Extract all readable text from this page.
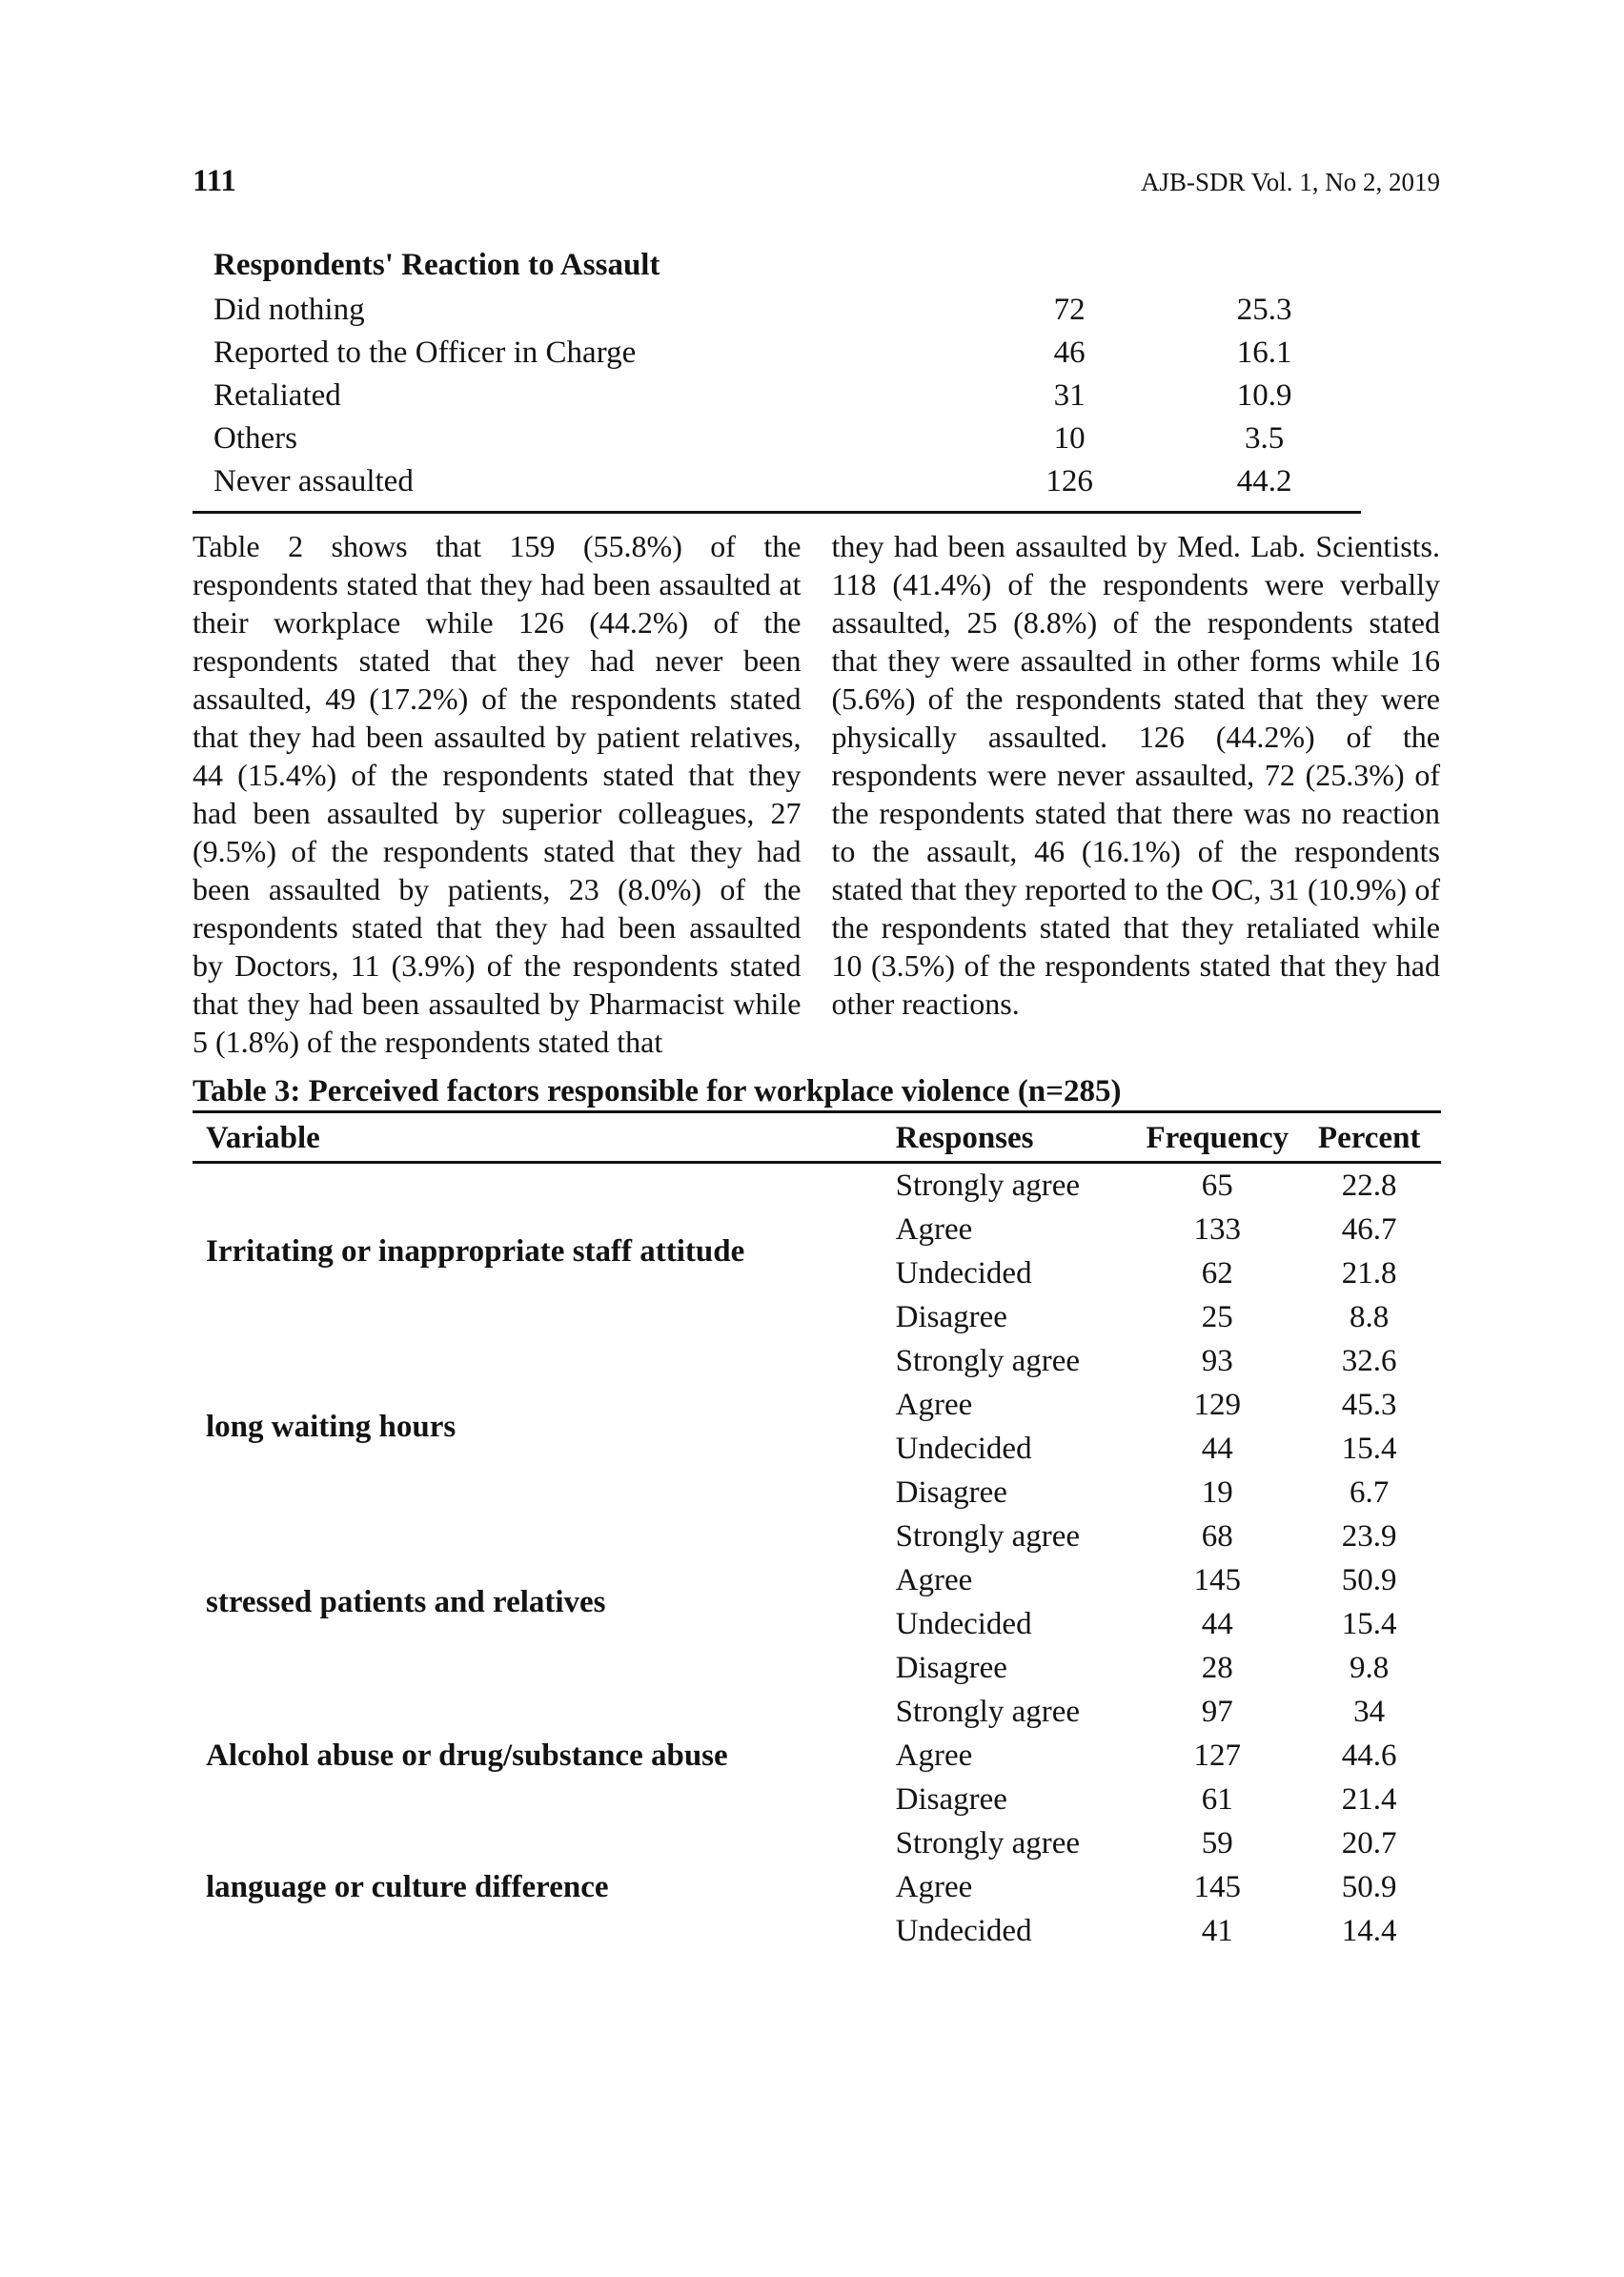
111	AJB-SDR Vol. 1, No 2, 2019
Respondents' Reaction to Assault		
Did nothing	72	25.3
Reported to the Officer in Charge	46	16.1
Retaliated	31	10.9
Others	10	3.5
Never assaulted	126	44.2
Table 2 shows that 159 (55.8%) of the respondents stated that they had been assaulted at their workplace while 126 (44.2%) of the respondents stated that they had never been assaulted, 49 (17.2%) of the respondents stated that they had been assaulted by patient relatives, 44 (15.4%) of the respondents stated that they had been assaulted by superior colleagues, 27 (9.5%) of the respondents stated that they had been assaulted by patients, 23 (8.0%) of the respondents stated that they had been assaulted by Doctors, 11 (3.9%) of the respondents stated that they had been assaulted by Pharmacist while 5 (1.8%) of the respondents stated that
they had been assaulted by Med. Lab. Scientists. 118 (41.4%) of the respondents were verbally assaulted, 25 (8.8%) of the respondents stated that they were assaulted in other forms while 16 (5.6%) of the respondents stated that they were physically assaulted. 126 (44.2%) of the respondents were never assaulted, 72 (25.3%) of the respondents stated that there was no reaction to the assault, 46 (16.1%) of the respondents stated that they reported to the OC, 31 (10.9%) of the respondents stated that they retaliated while 10 (3.5%) of the respondents stated that they had other reactions.
Table 3: Perceived factors responsible for workplace violence (n=285)
Variable	Responses	Frequency	Percent
Irritating or inappropriate staff attitude	Strongly agree	65	22.8
	Agree	133	46.7
	Undecided	62	21.8
	Disagree	25	8.8
long waiting hours	Strongly agree	93	32.6
	Agree	129	45.3
	Undecided	44	15.4
	Disagree	19	6.7
stressed patients and relatives	Strongly agree	68	23.9
	Agree	145	50.9
	Undecided	44	15.4
	Disagree	28	9.8
Alcohol abuse or drug/substance abuse	Strongly agree	97	34
	Agree	127	44.6
	Disagree	61	21.4
language or culture difference	Strongly agree	59	20.7
	Agree	145	50.9
	Undecided	41	14.4
